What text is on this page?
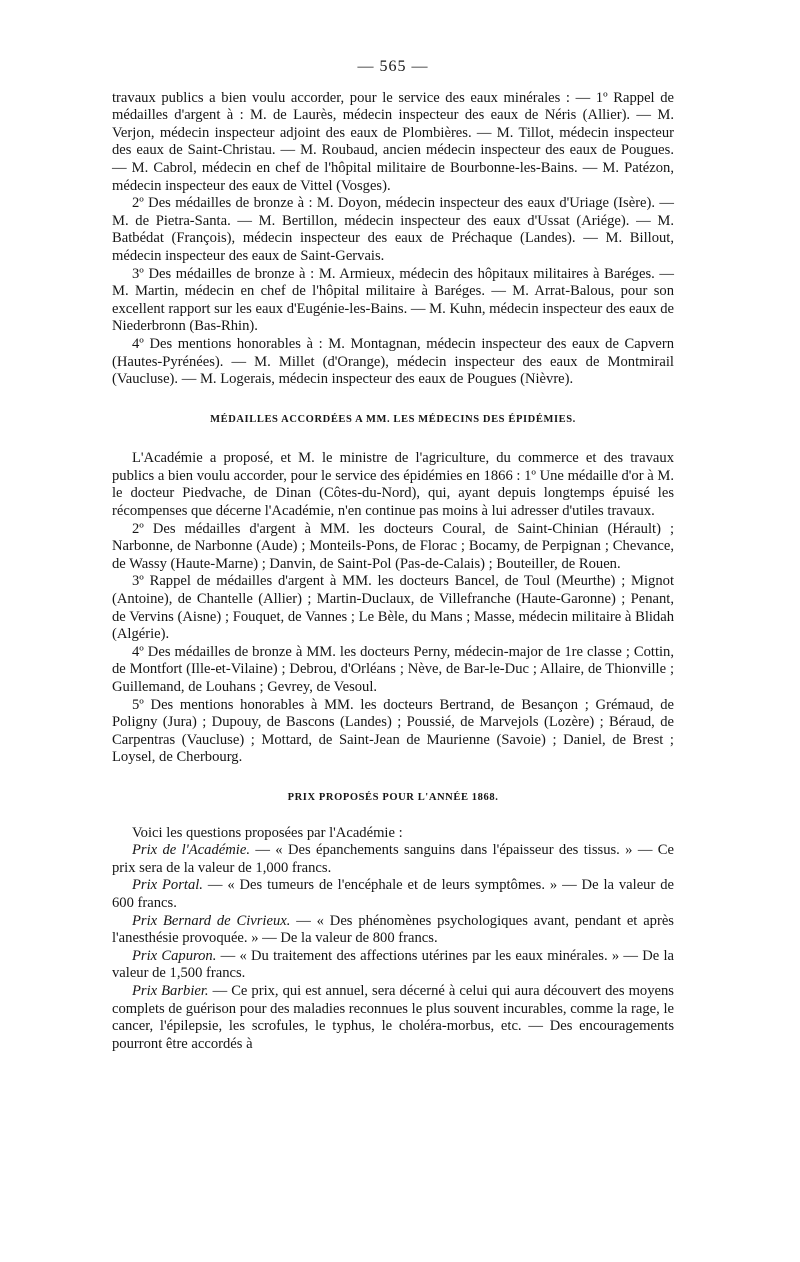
— 565 —

travaux publics a bien voulu accorder, pour le service des eaux minérales : — 1º Rappel de médailles d'argent à : M. de Laurès, médecin inspecteur des eaux de Néris (Allier). — M. Verjon, médecin inspecteur adjoint des eaux de Plombières. — M. Tillot, médecin inspecteur des eaux de Saint-Christau. — M. Roubaud, ancien médecin inspecteur des eaux de Pougues. — M. Cabrol, médecin en chef de l'hôpital militaire de Bourbonne-les-Bains. — M. Patézon, médecin inspecteur des eaux de Vittel (Vosges).

2º Des médailles de bronze à : M. Doyon, médecin inspecteur des eaux d'Uriage (Isère). — M. de Pietra-Santa. — M. Bertillon, médecin inspecteur des eaux d'Ussat (Ariége). — M. Batbédat (François), médecin inspecteur des eaux de Préchaque (Landes). — M. Billout, médecin inspecteur des eaux de Saint-Gervais.

3º Des médailles de bronze à : M. Armieux, médecin des hôpitaux militaires à Baréges. — M. Martin, médecin en chef de l'hôpital militaire à Baréges. — M. Arrat-Balous, pour son excellent rapport sur les eaux d'Eugénie-les-Bains. — M. Kuhn, médecin inspecteur des eaux de Niederbronn (Bas-Rhin).

4º Des mentions honorables à : M. Montagnan, médecin inspecteur des eaux de Capvern (Hautes-Pyrénées). — M. Millet (d'Orange), médecin inspecteur des eaux de Montmirail (Vaucluse). — M. Logerais, médecin inspecteur des eaux de Pougues (Nièvre).

MÉDAILLES ACCORDÉES A MM. LES MÉDECINS DES ÉPIDÉMIES.

L'Académie a proposé, et M. le ministre de l'agriculture, du commerce et des travaux publics a bien voulu accorder, pour le service des épidémies en 1866 : 1º Une médaille d'or à M. le docteur Piedvache, de Dinan (Côtes-du-Nord), qui, ayant depuis longtemps épuisé les récompenses que décerne l'Académie, n'en continue pas moins à lui adresser d'utiles travaux.

2º Des médailles d'argent à MM. les docteurs Coural, de Saint-Chinian (Hérault) ; Narbonne, de Narbonne (Aude) ; Monteils-Pons, de Florac ; Bocamy, de Perpignan ; Chevance, de Wassy (Haute-Marne) ; Danvin, de Saint-Pol (Pas-de-Calais) ; Bouteiller, de Rouen.

3º Rappel de médailles d'argent à MM. les docteurs Bancel, de Toul (Meurthe) ; Mignot (Antoine), de Chantelle (Allier) ; Martin-Duclaux, de Villefranche (Haute-Garonne) ; Penant, de Vervins (Aisne) ; Fouquet, de Vannes ; Le Bèle, du Mans ; Masse, médecin militaire à Blidah (Algérie).

4º Des médailles de bronze à MM. les docteurs Perny, médecin-major de 1re classe ; Cottin, de Montfort (Ille-et-Vilaine) ; Debrou, d'Orléans ; Nève, de Bar-le-Duc ; Allaire, de Thionville ; Guillemand, de Louhans ; Gevrey, de Vesoul.

5º Des mentions honorables à MM. les docteurs Bertrand, de Besançon ; Grémaud, de Poligny (Jura) ; Dupouy, de Bascons (Landes) ; Poussié, de Marvejols (Lozère) ; Béraud, de Carpentras (Vaucluse) ; Mottard, de Saint-Jean de Maurienne (Savoie) ; Daniel, de Brest ; Loysel, de Cherbourg.

PRIX PROPOSÉS POUR L'ANNÉE 1868.

Voici les questions proposées par l'Académie :

Prix de l'Académie. — « Des épanchements sanguins dans l'épaisseur des tissus. » — Ce prix sera de la valeur de 1,000 francs.

Prix Portal. — « Des tumeurs de l'encéphale et de leurs symptômes. » — De la valeur de 600 francs.

Prix Bernard de Civrieux. — « Des phénomènes psychologiques avant, pendant et après l'anesthésie provoquée. » — De la valeur de 800 francs.

Prix Capuron. — « Du traitement des affections utérines par les eaux minérales. » — De la valeur de 1,500 francs.

Prix Barbier. — Ce prix, qui est annuel, sera décerné à celui qui aura découvert des moyens complets de guérison pour des maladies reconnues le plus souvent incurables, comme la rage, le cancer, l'épilepsie, les scrofules, le typhus, le choléra-morbus, etc. — Des encouragements pourront être accordés à
